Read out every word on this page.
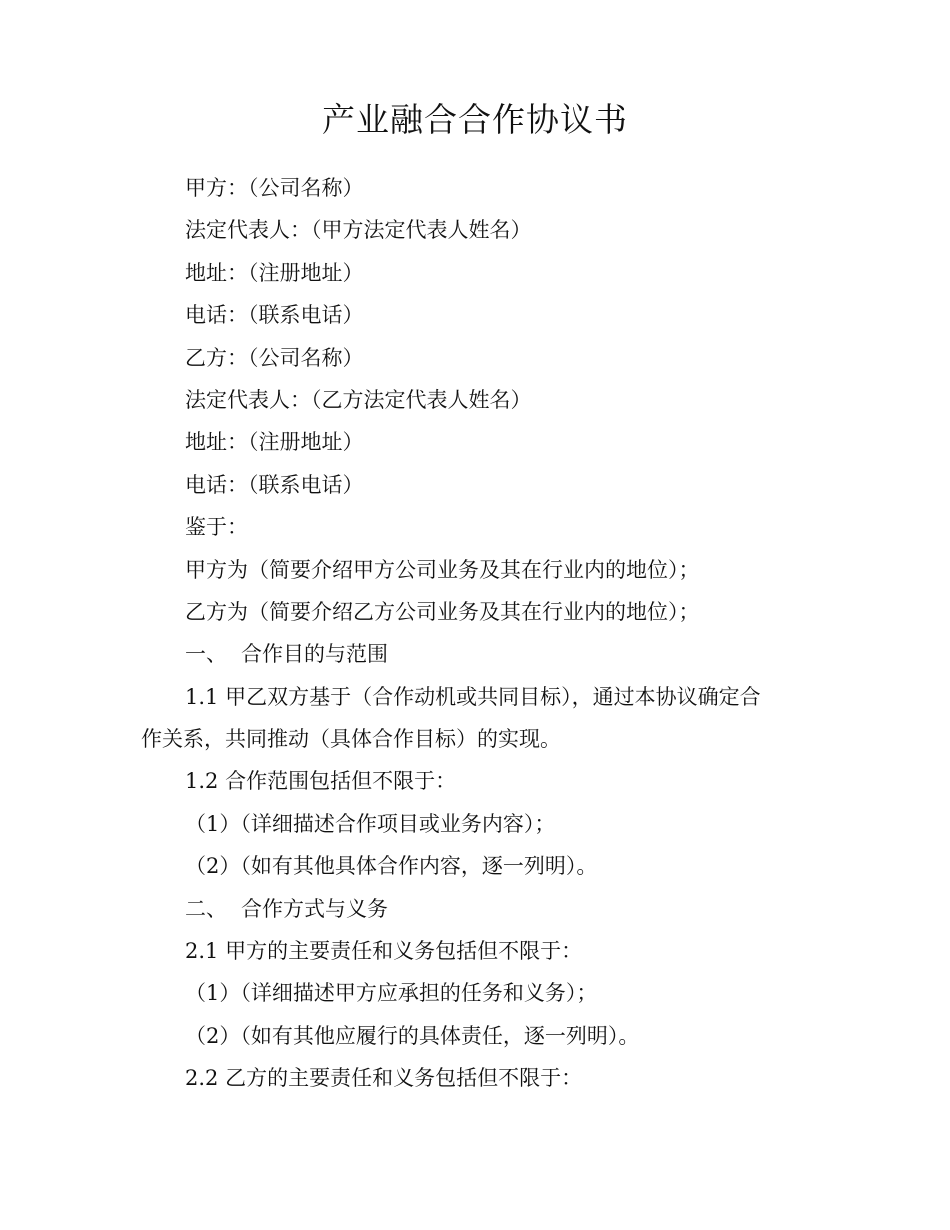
产业融合合作协议书
甲方：（公司名称）
法定代表人：（甲方法定代表人姓名）
地址：（注册地址）
电话：（联系电话）
乙方：（公司名称）
法定代表人：（乙方法定代表人姓名）
地址：（注册地址）
电话：（联系电话）
鉴于：
甲方为（简要介绍甲方公司业务及其在行业内的地位）；
乙方为（简要介绍乙方公司业务及其在行业内的地位）；
一、 合作目的与范围
1.1 甲乙双方基于（合作动机或共同目标），通过本协议确定合
作关系，共同推动（具体合作目标）的实现。
1.2 合作范围包括但不限于：
（1）（详细描述合作项目或业务内容）；
（2）（如有其他具体合作内容，逐一列明）。
二、 合作方式与义务
2.1 甲方的主要责任和义务包括但不限于：
（1）（详细描述甲方应承担的任务和义务）；
（2）（如有其他应履行的具体责任，逐一列明）。
2.2 乙方的主要责任和义务包括但不限于：
